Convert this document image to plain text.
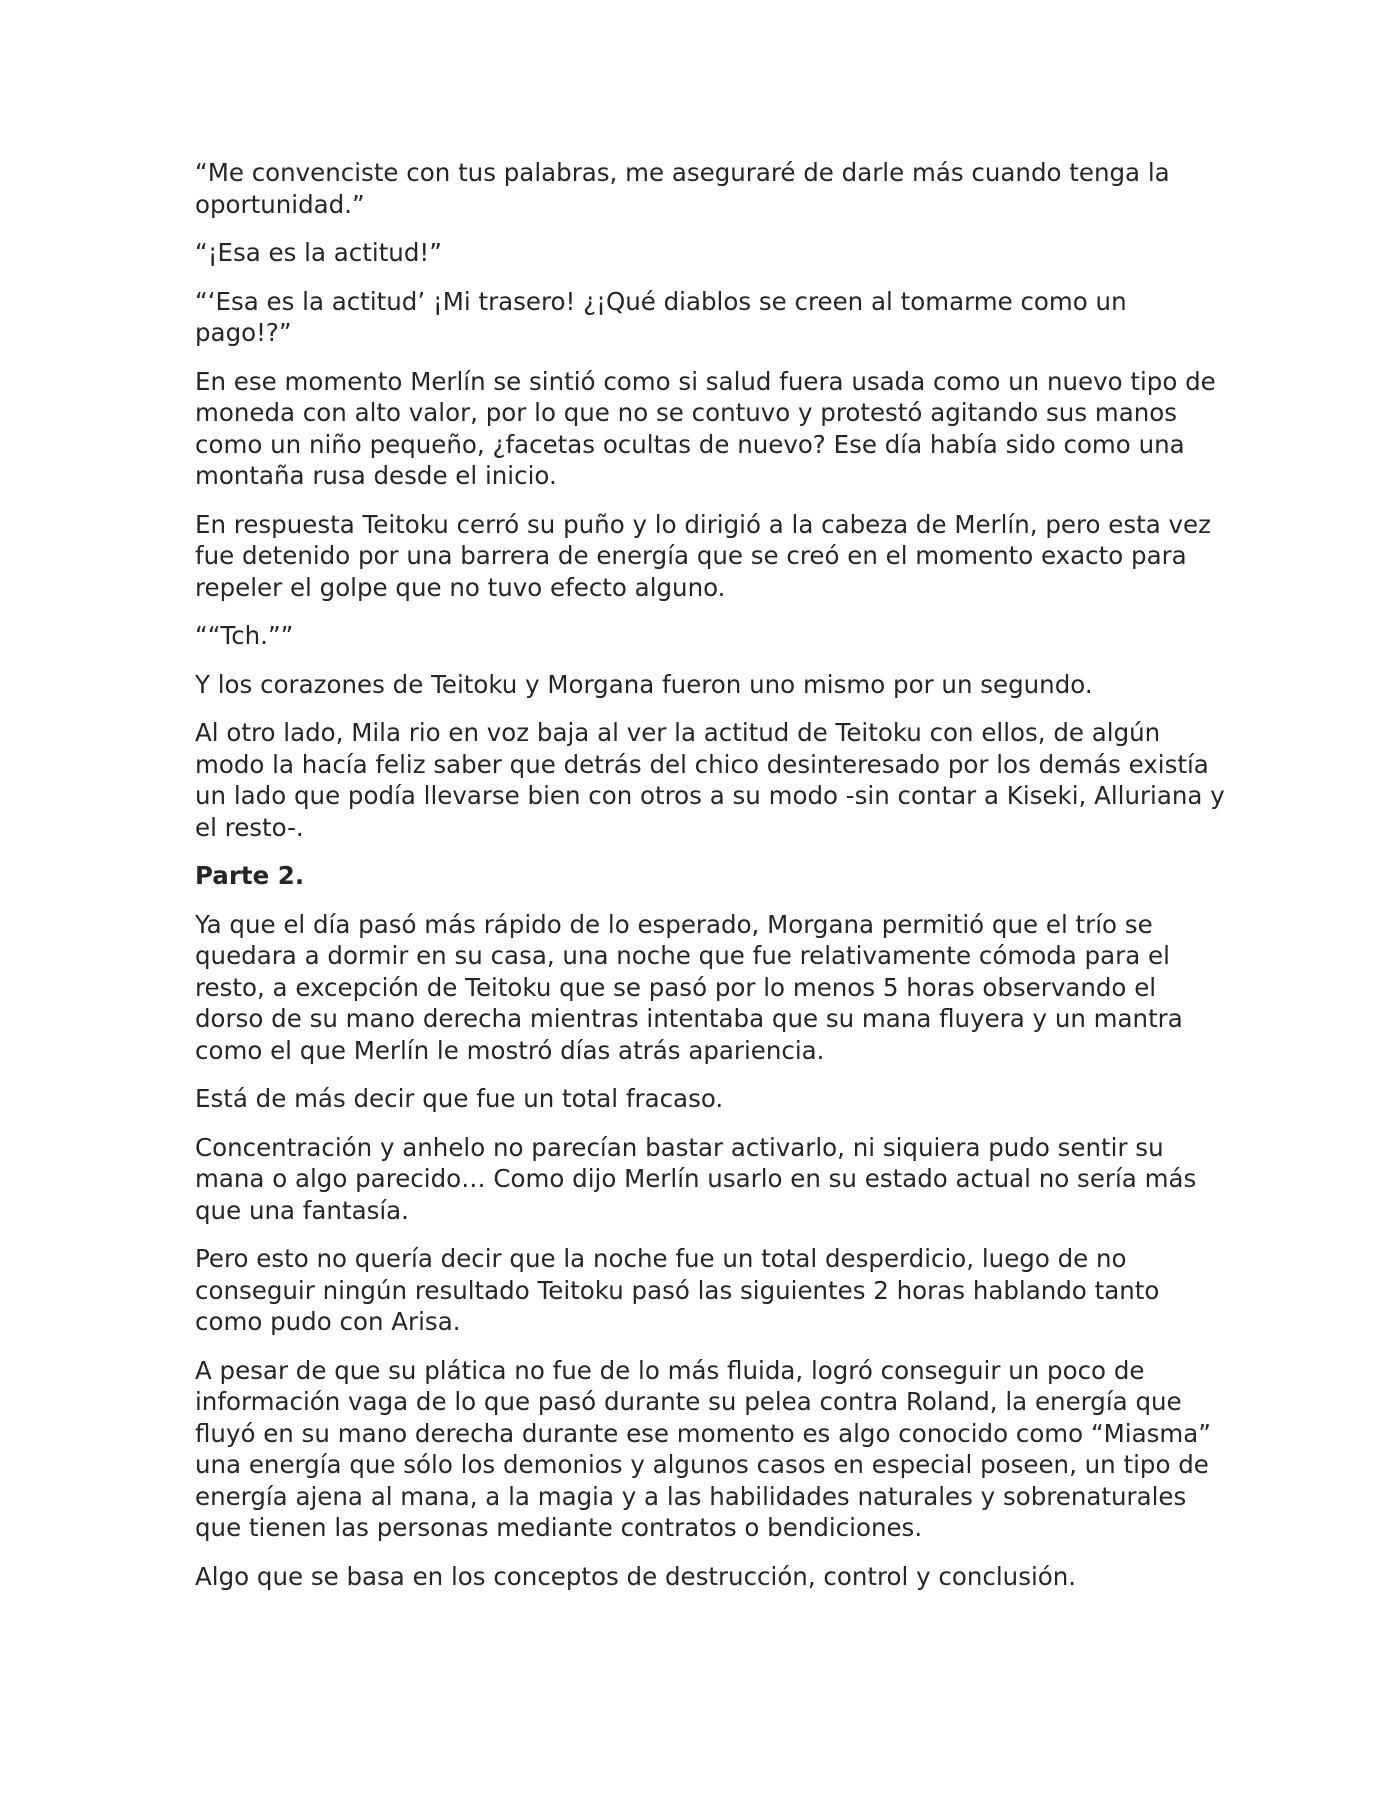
“Me convenciste con tus palabras, me aseguraré de darle más cuando tenga la oportunidad.”

“¡Esa es la actitud!”

“‘Esa es la actitud’ ¡Mi trasero! ¿¡Qué diablos se creen al tomarme como un pago!?”

En ese momento Merlín se sintió como si salud fuera usada como un nuevo tipo de moneda con alto valor, por lo que no se contuvo y protestó agitando sus manos como un niño pequeño, ¿facetas ocultas de nuevo? Ese día había sido como una montaña rusa desde el inicio.

En respuesta Teitoku cerró su puño y lo dirigió a la cabeza de Merlín, pero esta vez fue detenido por una barrera de energía que se creó en el momento exacto para repeler el golpe que no tuvo efecto alguno.

““Tch.””

Y los corazones de Teitoku y Morgana fueron uno mismo por un segundo.

Al otro lado, Mila rio en voz baja al ver la actitud de Teitoku con ellos, de algún modo la hacía feliz saber que detrás del chico desinteresado por los demás existía un lado que podía llevarse bien con otros a su modo -sin contar a Kiseki, Alluriana y el resto-.

Parte 2.

Ya que el día pasó más rápido de lo esperado, Morgana permitió que el trío se quedara a dormir en su casa, una noche que fue relativamente cómoda para el resto, a excepción de Teitoku que se pasó por lo menos 5 horas observando el dorso de su mano derecha mientras intentaba que su mana fluyera y un mantra como el que Merlín le mostró días atrás apariencia.

Está de más decir que fue un total fracaso.

Concentración y anhelo no parecían bastar activarlo, ni siquiera pudo sentir su mana o algo parecido… Como dijo Merlín usarlo en su estado actual no sería más que una fantasía.

Pero esto no quería decir que la noche fue un total desperdicio, luego de no conseguir ningún resultado Teitoku pasó las siguientes 2 horas hablando tanto como pudo con Arisa.

A pesar de que su plática no fue de lo más fluida, logró conseguir un poco de información vaga de lo que pasó durante su pelea contra Roland, la energía que fluyó en su mano derecha durante ese momento es algo conocido como “Miasma” una energía que sólo los demonios y algunos casos en especial poseen, un tipo de energía ajena al mana, a la magia y a las habilidades naturales y sobrenaturales que tienen las personas mediante contratos o bendiciones.

Algo que se basa en los conceptos de destrucción, control y conclusión.
